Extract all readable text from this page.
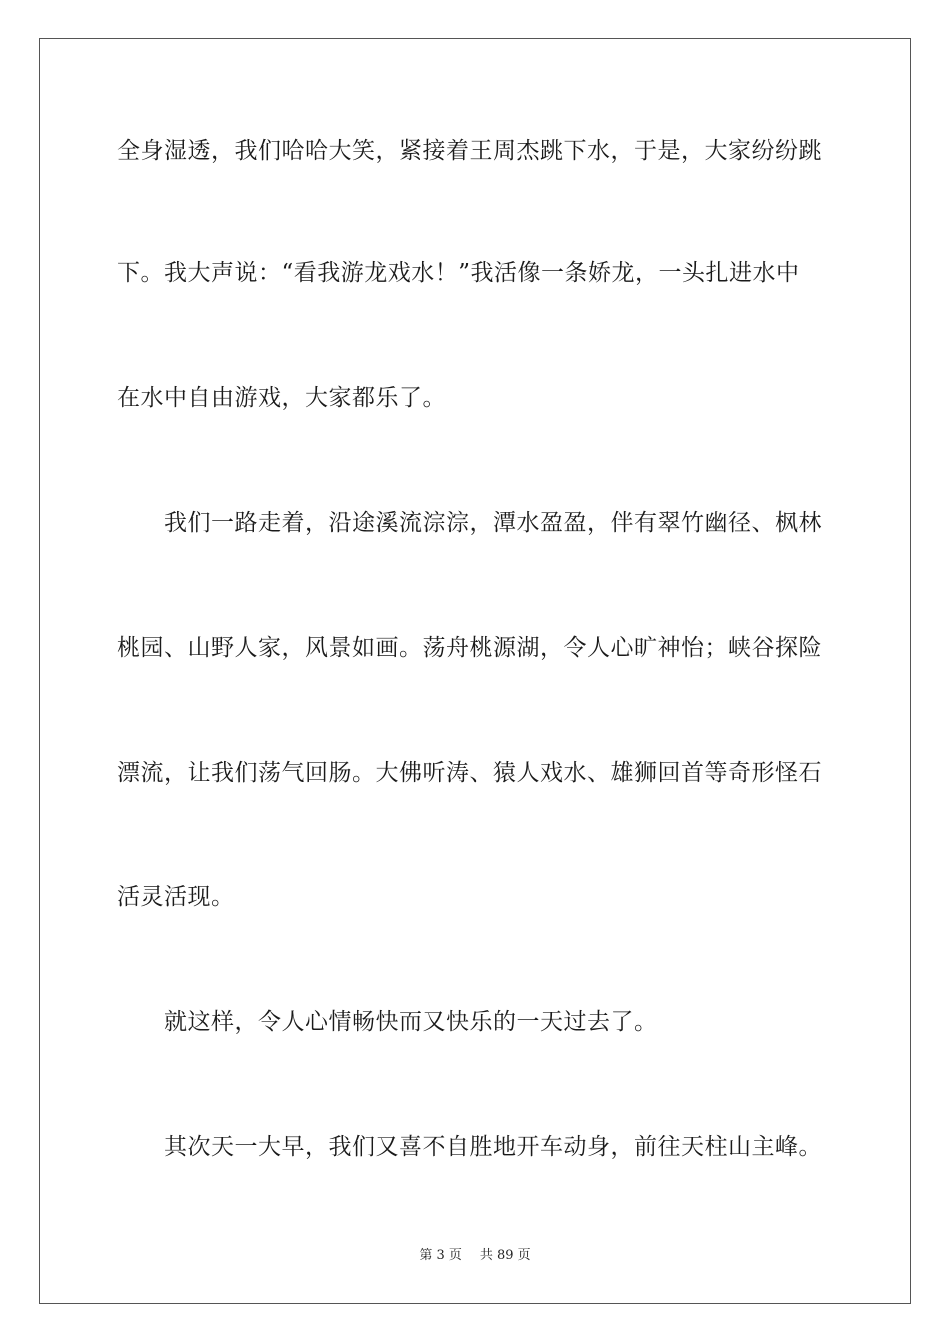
全身湿透，我们哈哈大笑，紧接着王周杰跳下水，于是，大家纷纷跳
下。我大声说：“看我游龙戏水！”我活像一条娇龙，一头扎进水中
在水中自由游戏，大家都乐了。
我们一路走着，沿途溪流淙淙，潭水盈盈，伴有翠竹幽径、枫林
桃园、山野人家，风景如画。荡舟桃源湖，令人心旷神怡；峡谷探险
漂流，让我们荡气回肠。大佛听涛、猿人戏水、雄狮回首等奇形怪石
活灵活现。
就这样，令人心情畅快而又快乐的一天过去了。
其次天一大早，我们又喜不自胜地开车动身，前往天柱山主峰。
第 3 页 共 89 页
